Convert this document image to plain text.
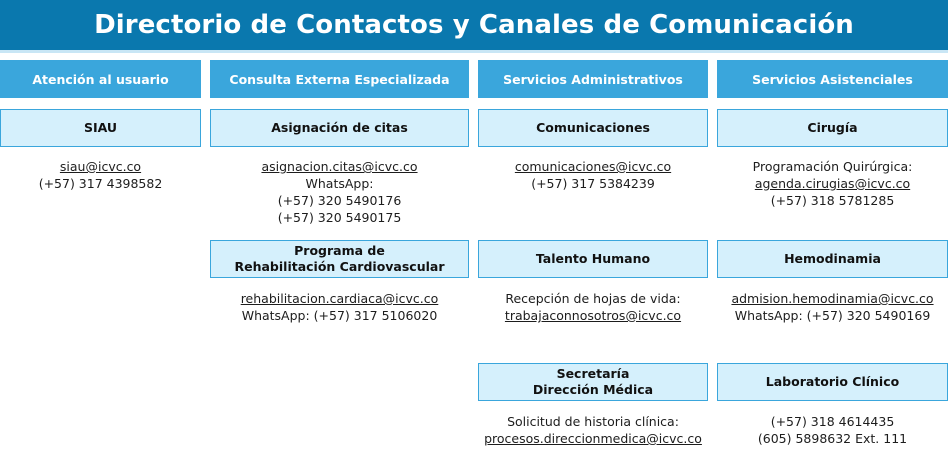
Directorio de Contactos y Canales de Comunicación
Atención al usuario	Consulta Externa Especializada	Servicios Administrativos	Servicios Asistenciales
SIAU
siau@icvc.co
(+57) 317 4398582
Asignación de citas
asignacion.citas@icvc.co
WhatsApp:
(+57) 320 5490176
(+57) 320 5490175
Programa de
Rehabilitación Cardiovascular
rehabilitacion.cardiaca@icvc.co
WhatsApp: (+57) 317 5106020
Comunicaciones
comunicaciones@icvc.co
(+57) 317 5384239
Talento Humano
Recepción de hojas de vida:
trabajaconnosotros@icvc.co
Secretaría
Dirección Médica
Solicitud de historia clínica:
procesos.direccionmedica@icvc.co
Cirugía
Programación Quirúrgica:
agenda.cirugias@icvc.co
(+57) 318 5781285
Hemodinamia
admision.hemodinamia@icvc.co
WhatsApp: (+57) 320 5490169
Laboratorio Clínico
(+57) 318 4614435
(605) 5898632 Ext. 111
